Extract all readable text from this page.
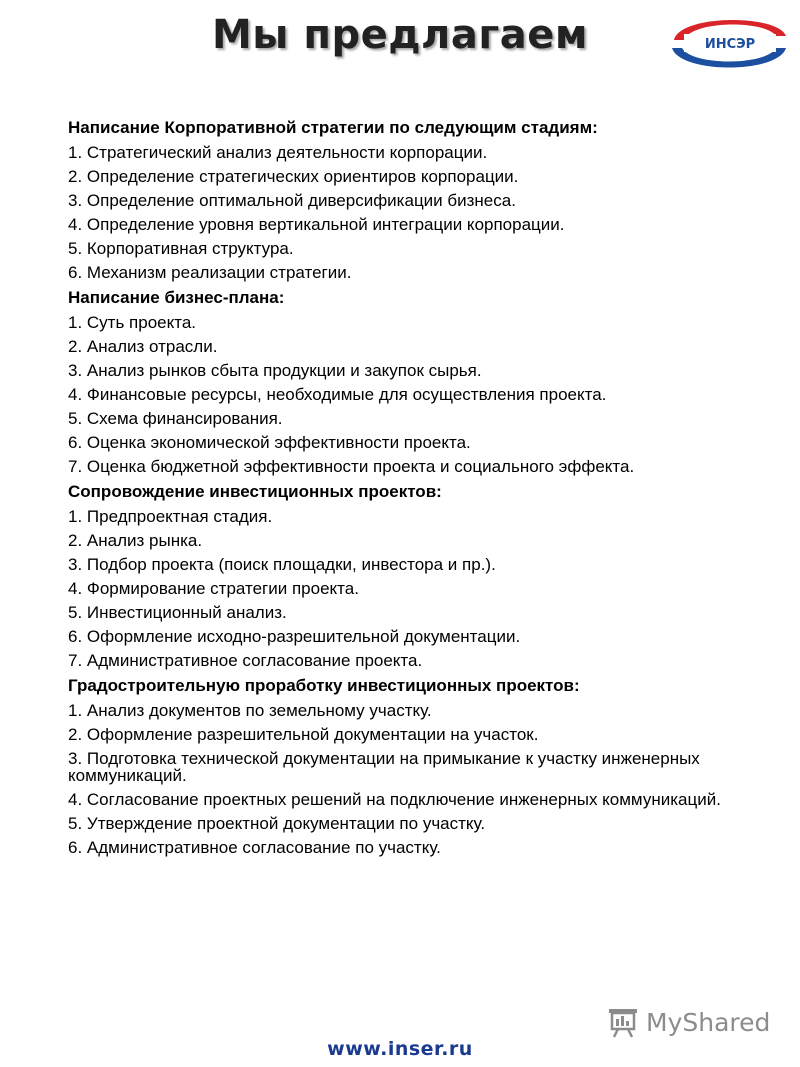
Мы предлагаем	ИНСЭР
Написание Корпоративной стратегии по следующим стадиям:
1. Стратегический анализ деятельности корпорации.
2. Определение стратегических ориентиров корпорации.
3. Определение оптимальной диверсификации бизнеса.
4. Определение уровня вертикальной интеграции корпорации.
5. Корпоративная структура.
6. Механизм реализации стратегии.
Написание бизнес-плана:
1. Суть проекта.
2. Анализ отрасли.
3. Анализ рынков сбыта продукции и закупок сырья.
4. Финансовые ресурсы, необходимые для осуществления проекта.
5. Схема финансирования.
6. Оценка экономической эффективности проекта.
7. Оценка бюджетной эффективности проекта и социального эффекта.
Сопровождение инвестиционных проектов:
1. Предпроектная стадия.
2. Анализ рынка.
3. Подбор проекта (поиск площадки, инвестора и пр.).
4. Формирование стратегии проекта.
5. Инвестиционный анализ.
6. Оформление исходно-разрешительной документации.
7. Административное согласование проекта.
Градостроительную проработку инвестиционных проектов:
1. Анализ документов по земельному участку.
2. Оформление разрешительной документации на участок.
3. Подготовка технической документации на примыкание к участку инженерных коммуникаций.
4. Согласование проектных решений на подключение инженерных коммуникаций.
5. Утверждение проектной документации по участку.
6. Административное согласование по участку.
MyShared
www.inser.ru
